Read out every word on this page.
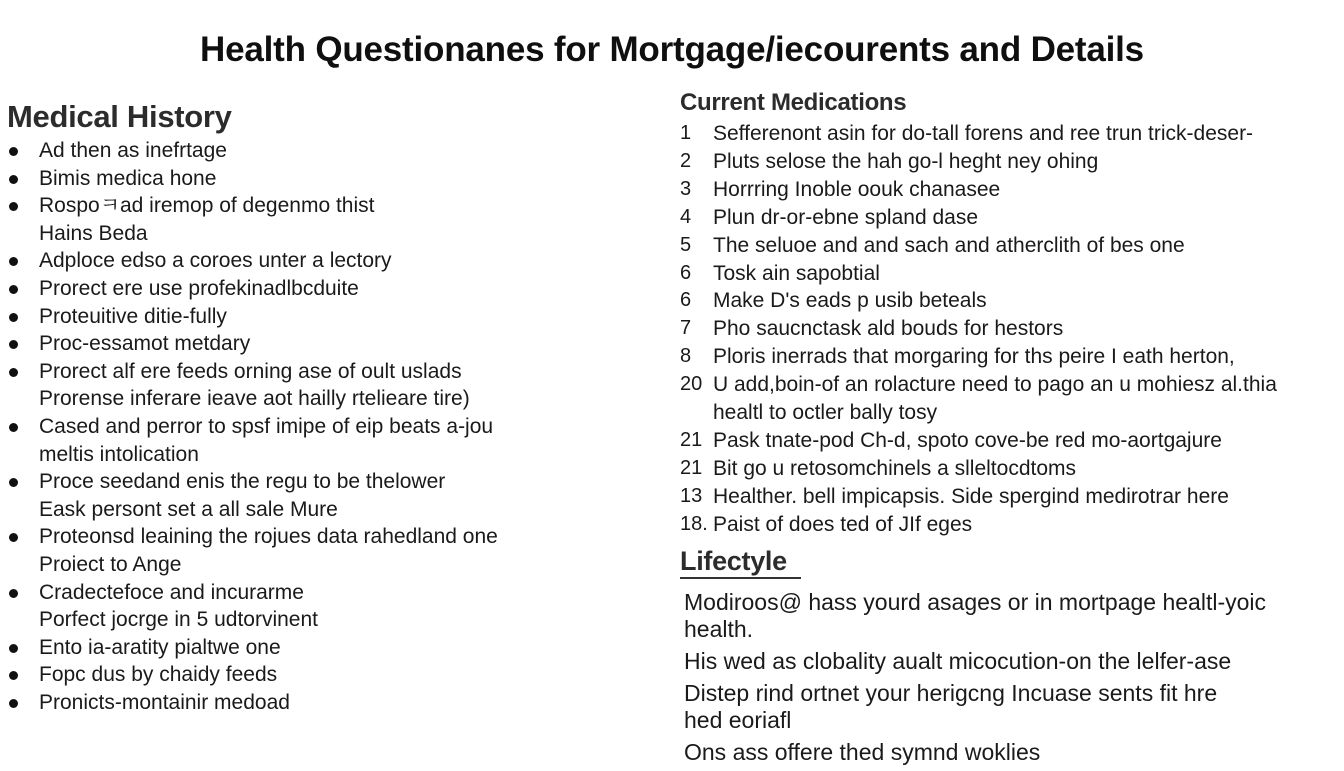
Health Questionanes for Mortgage/iecourents and Details
Medical History
Ad then as inefrtage
Bimis medica hone
Rospoㅋad iremop of degenmo thist
Hains Beda
Adploce edso a coroes unter a lectory
Prorect ere use profekinadlbcduite
Proteuitive ditie-fully
Proc-essamot metdary
Prorect alf ere feeds orning ase of oult uslads
Prorense inferare ieave aot hailly rtelieare tire)
Cased and perror to spsf imipe of eip beats a-jou
meltis intolication
Proce seedand enis the regu to be thelower
Eask persont set a all sale Mure
Proteonsd leaining the rojues data rahedland one
Proiect to Ange
Cradectefoce and incurarme
Porfect jocrge in 5 udtorvinent
Ento ia-aratity pialtwe one
Fopc dus by chaidy feeds
Pronicts-montainir medoad
Current Medications
1	Sefferenont asin for do-tall forens and ree trun trick-deser-
2	Pluts selose the hah go-l heght ney ohing
3	Horrring Inoble oouk chanasee
4	Plun dr-or-ebne spland dase
5	The seluoe and and sach and atherclith of bes one
6	Tosk ain sapobtial
6	Make D's eads p usib beteals
7	Pho saucnctask ald bouds for hestors
8	Ploris inerrads that morgaring for ths peire I eath herton,
20 U add,boin-of an rolacture need to pago an u mohiesz al.thia
healtl to octler bally tosy
21 Pask tnate-pod Ch-d, spoto cove-be red mo-aortgajure
21 Bit go u retosomchinels a slleltocdtoms
13 Healther. bell impicapsis. Side spergind medirotrar here
18. Paist of does ted of JIf eges
Lifectyle

Modiroos@ hass yourd asages or in mortpage healtl-yoic
health.

His wed as clobality aualt micocution-on the lelfer-ase

Distep rind ortnet your herigcng Incuase sents fit hre
hed eoriafl

Ons ass offere thed symnd woklies
